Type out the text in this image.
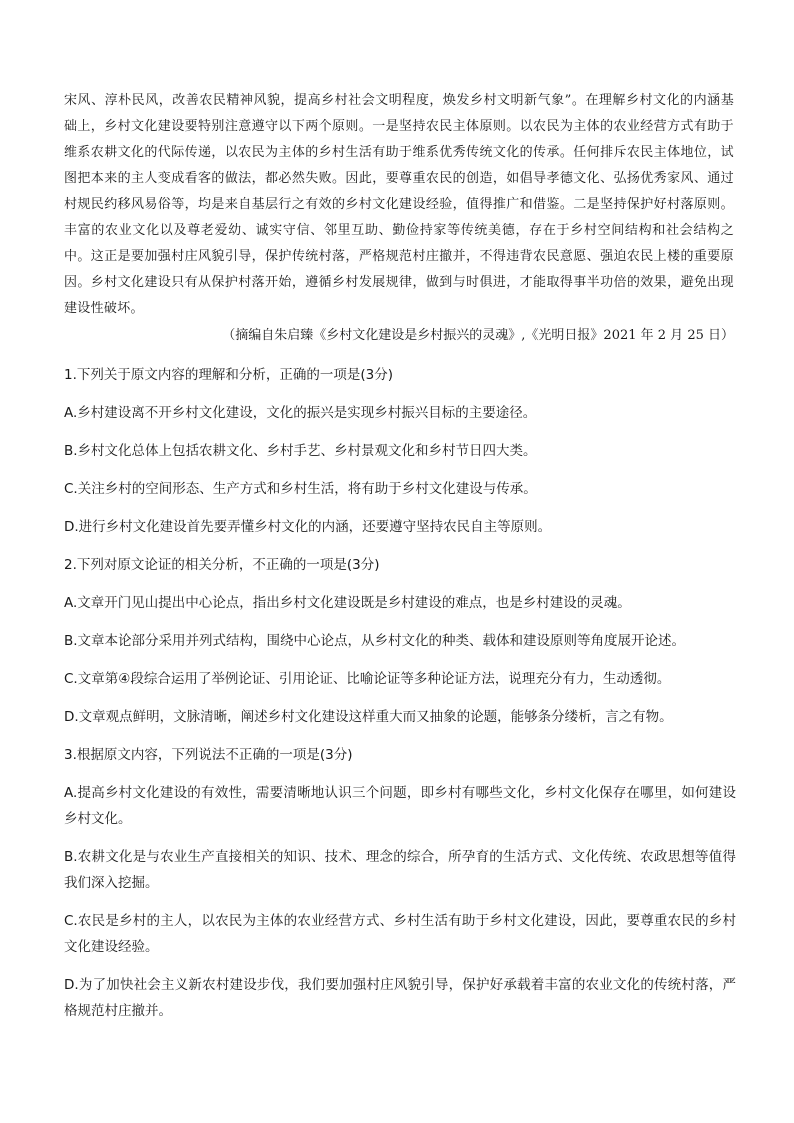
宋风、淳朴民风，改善农民精神风貌，提高乡村社会文明程度，焕发乡村文明新气象”。在理解乡村文化的内涵基础上，乡村文化建设要特别注意遵守以下两个原则。一是坚持农民主体原则。以农民为主体的农业经营方式有助于维系农耕文化的代际传递，以农民为主体的乡村生活有助于维系优秀传统文化的传承。任何排斥农民主体地位，试图把本来的主人变成看客的做法，都必然失败。因此，要尊重农民的创造，如倡导孝德文化、弘扬优秀家风、通过村规民约移风易俗等，均是来自基层行之有效的乡村文化建设经验，值得推广和借鉴。二是坚持保护好村落原则。丰富的农业文化以及尊老爱幼、诚实守信、邻里互助、勤俭持家等传统美德，存在于乡村空间结构和社会结构之中。这正是要加强村庄风貌引导，保护传统村落，严格规范村庄撤并，不得违背农民意愿、强迫农民上楼的重要原因。乡村文化建设只有从保护村落开始，遵循乡村发展规律，做到与时俱进，才能取得事半功倍的效果，避免出现建设性破坏。

（摘编自朱启臻《乡村文化建设是乡村振兴的灵魂》,《光明日报》2021 年 2 月 25 日）

1.下列关于原文内容的理解和分析，正确的一项是(3分)

A.乡村建设离不开乡村文化建设，文化的振兴是实现乡村振兴目标的主要途径。

B.乡村文化总体上包括农耕文化、乡村手艺、乡村景观文化和乡村节日四大类。

C.关注乡村的空间形态、生产方式和乡村生活，将有助于乡村文化建设与传承。

D.进行乡村文化建设首先要弄懂乡村文化的内涵，还要遵守坚持农民自主等原则。

2.下列对原文论证的相关分析，不正确的一项是(3分)

A.文章开门见山提出中心论点，指出乡村文化建设既是乡村建设的难点，也是乡村建设的灵魂。

B.文章本论部分采用并列式结构，围绕中心论点，从乡村文化的种类、载体和建设原则等角度展开论述。

C.文章第④段综合运用了举例论证、引用论证、比喻论证等多种论证方法，说理充分有力，生动透彻。

D.文章观点鲜明，文脉清晰，阐述乡村文化建设这样重大而又抽象的论题，能够条分缕析，言之有物。

3.根据原文内容，下列说法不正确的一项是(3分)

A.提高乡村文化建设的有效性，需要清晰地认识三个问题，即乡村有哪些文化，乡村文化保存在哪里，如何建设乡村文化。

B.农耕文化是与农业生产直接相关的知识、技术、理念的综合，所孕育的生活方式、文化传统、农政思想等值得我们深入挖掘。

C.农民是乡村的主人，以农民为主体的农业经营方式、乡村生活有助于乡村文化建设，因此，要尊重农民的乡村文化建设经验。

D.为了加快社会主义新农村建设步伐，我们要加强村庄风貌引导，保护好承载着丰富的农业文化的传统村落，严格规范村庄撤并。
